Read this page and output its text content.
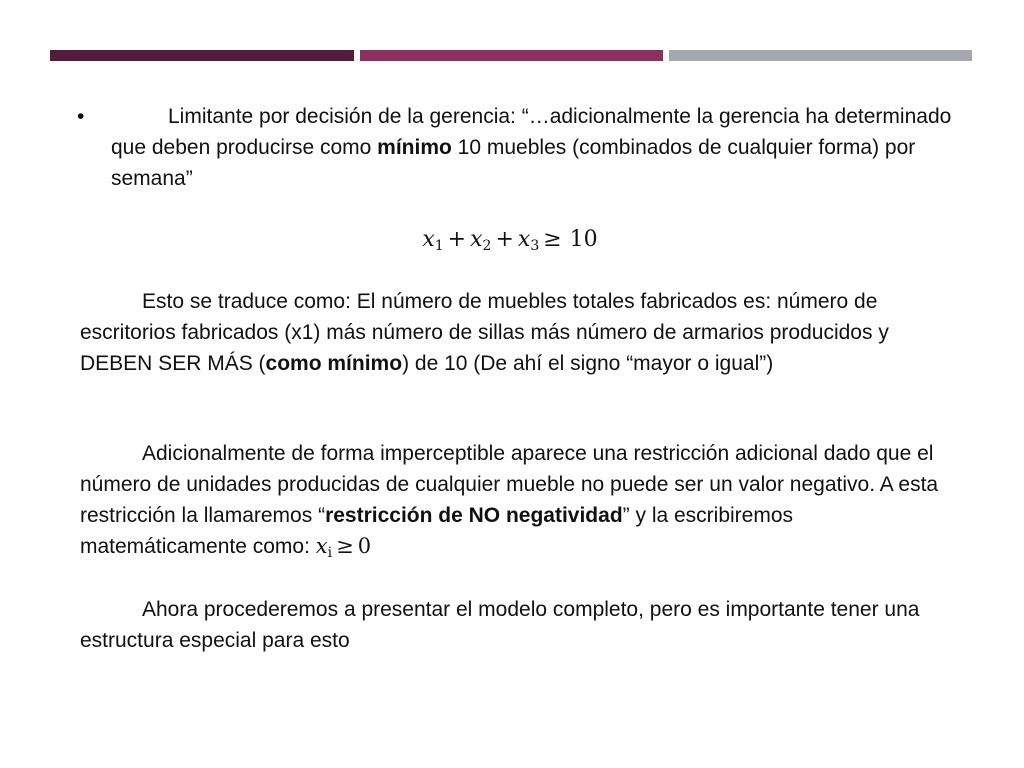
•	Limitante por decisión de la gerencia: “…adicionalmente la gerencia ha determinado que deben producirse como mínimo 10 muebles (combinados de cualquier forma) por semana”
$x_1 + x_2 + x_3 \ge 10$
Esto se traduce como: El número de muebles totales fabricados es: número de escritorios fabricados (x1) más número de sillas más número de armarios producidos y DEBEN SER MÁS (como mínimo) de 10 (De ahí el signo “mayor o igual”)
Adicionalmente de forma imperceptible aparece una restricción adicional dado que el número de unidades producidas de cualquier mueble no puede ser un valor negativo. A esta restricción la llamaremos “restricción de NO negatividad” y la escribiremos matemáticamente como: $x_i \ge 0$
Ahora procederemos a presentar el modelo completo, pero es importante tener una estructura especial para esto
